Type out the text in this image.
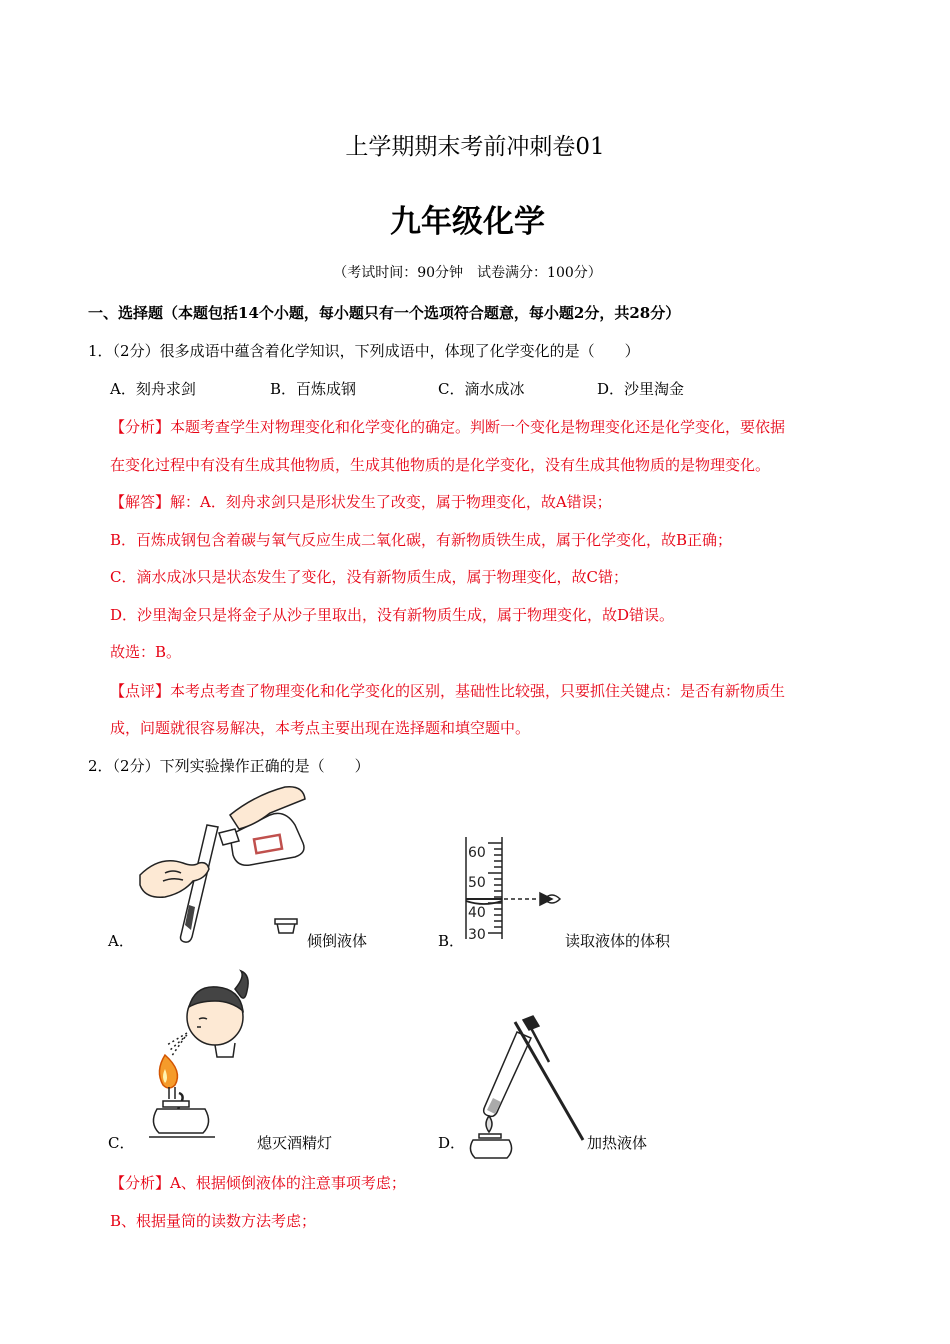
上学期期末考前冲刺卷01
九年级化学
（考试时间：90分钟　试卷满分：100分）
一、选择题（本题包括14个小题，每小题只有一个选项符合题意，每小题2分，共28分）
1．（2分）很多成语中蕴含着化学知识，下列成语中，体现了化学变化的是（　　）
A．刻舟求剑	B．百炼成钢	C．滴水成冰	D．沙里淘金
【分析】本题考查学生对物理变化和化学变化的确定。判断一个变化是物理变化还是化学变化，要依据
在变化过程中有没有生成其他物质，生成其他物质的是化学变化，没有生成其他物质的是物理变化。
【解答】解：A．刻舟求剑只是形状发生了改变，属于物理变化，故A错误；
B．百炼成钢包含着碳与氧气反应生成二氧化碳，有新物质铁生成，属于化学变化，故B正确；
C．滴水成冰只是状态发生了变化，没有新物质生成，属于物理变化，故C错；
D．沙里淘金只是将金子从沙子里取出，没有新物质生成，属于物理变化，故D错误。
故选：B。
【点评】本考点考查了物理变化和化学变化的区别，基础性比较强，只要抓住关键点：是否有新物质生
成，问题就很容易解决，本考点主要出现在选择题和填空题中。
2．（2分）下列实验操作正确的是（　　）
A．	倾倒液体
60
50
40
30
B．	读取液体的体积
C．	熄灭酒精灯	D．	加热液体
【分析】A、根据倾倒液体的注意事项考虑；
B、根据量筒的读数方法考虑；
